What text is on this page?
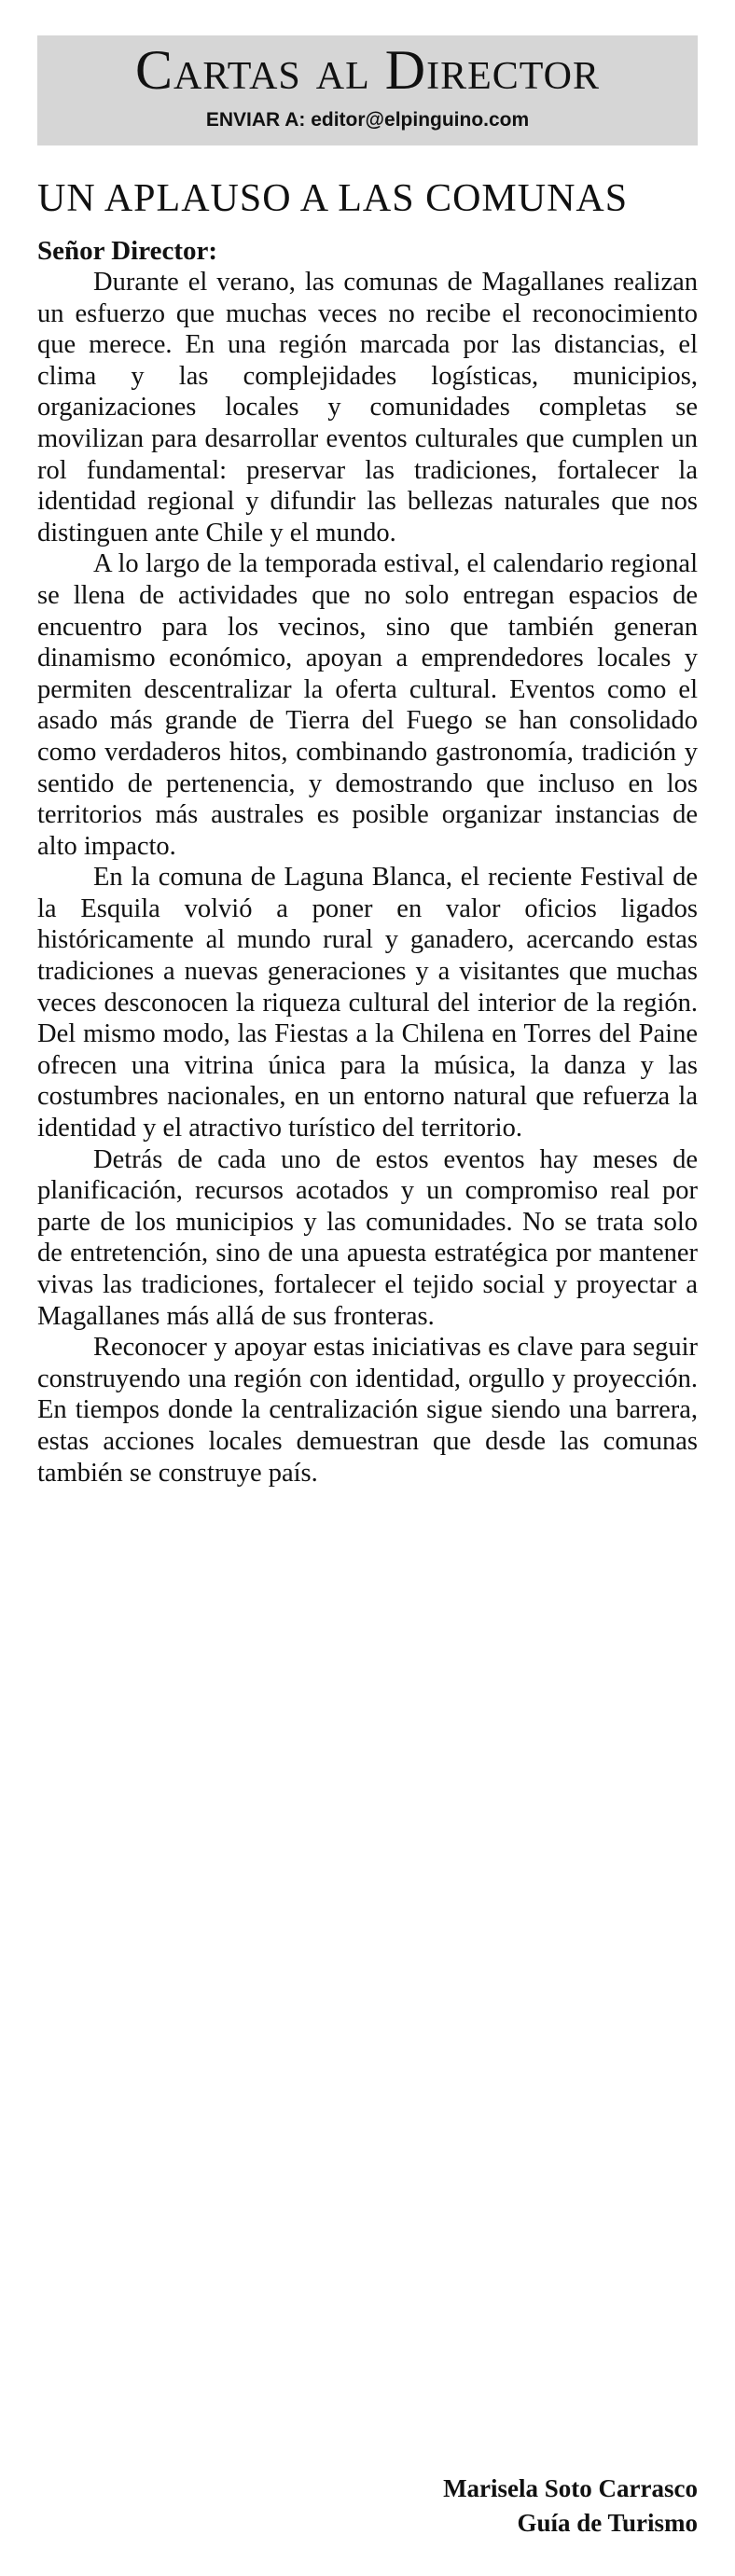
Cartas al Director
ENVIAR A: editor@elpinguino.com
UN APLAUSO A LAS COMUNAS
Señor Director:

Durante el verano, las comunas de Magallanes realizan un esfuerzo que muchas veces no recibe el reconocimiento que merece. En una región marcada por las distancias, el clima y las complejidades logísticas, municipios, organizaciones locales y comunidades completas se movilizan para desarrollar eventos culturales que cumplen un rol fundamental: preservar las tradiciones, fortalecer la identidad regional y difundir las bellezas naturales que nos distinguen ante Chile y el mundo.

A lo largo de la temporada estival, el calendario regional se llena de actividades que no solo entregan espacios de encuentro para los vecinos, sino que también generan dinamismo económico, apoyan a emprendedores locales y permiten descentralizar la oferta cultural. Eventos como el asado más grande de Tierra del Fuego se han consolidado como verdaderos hitos, combinando gastronomía, tradición y sentido de pertenencia, y demostrando que incluso en los territorios más australes es posible organizar instancias de alto impacto.

En la comuna de Laguna Blanca, el reciente Festival de la Esquila volvió a poner en valor oficios ligados históricamente al mundo rural y ganadero, acercando estas tradiciones a nuevas generaciones y a visitantes que muchas veces desconocen la riqueza cultural del interior de la región. Del mismo modo, las Fiestas a la Chilena en Torres del Paine ofrecen una vitrina única para la música, la danza y las costumbres nacionales, en un entorno natural que refuerza la identidad y el atractivo turístico del territorio.

Detrás de cada uno de estos eventos hay meses de planificación, recursos acotados y un compromiso real por parte de los municipios y las comunidades. No se trata solo de entretención, sino de una apuesta estratégica por mantener vivas las tradiciones, fortalecer el tejido social y proyectar a Magallanes más allá de sus fronteras.

Reconocer y apoyar estas iniciativas es clave para seguir construyendo una región con identidad, orgullo y proyección. En tiempos donde la centralización sigue siendo una barrera, estas acciones locales demuestran que desde las comunas también se construye país.

Marisela Soto Carrasco
Guía de Turismo
